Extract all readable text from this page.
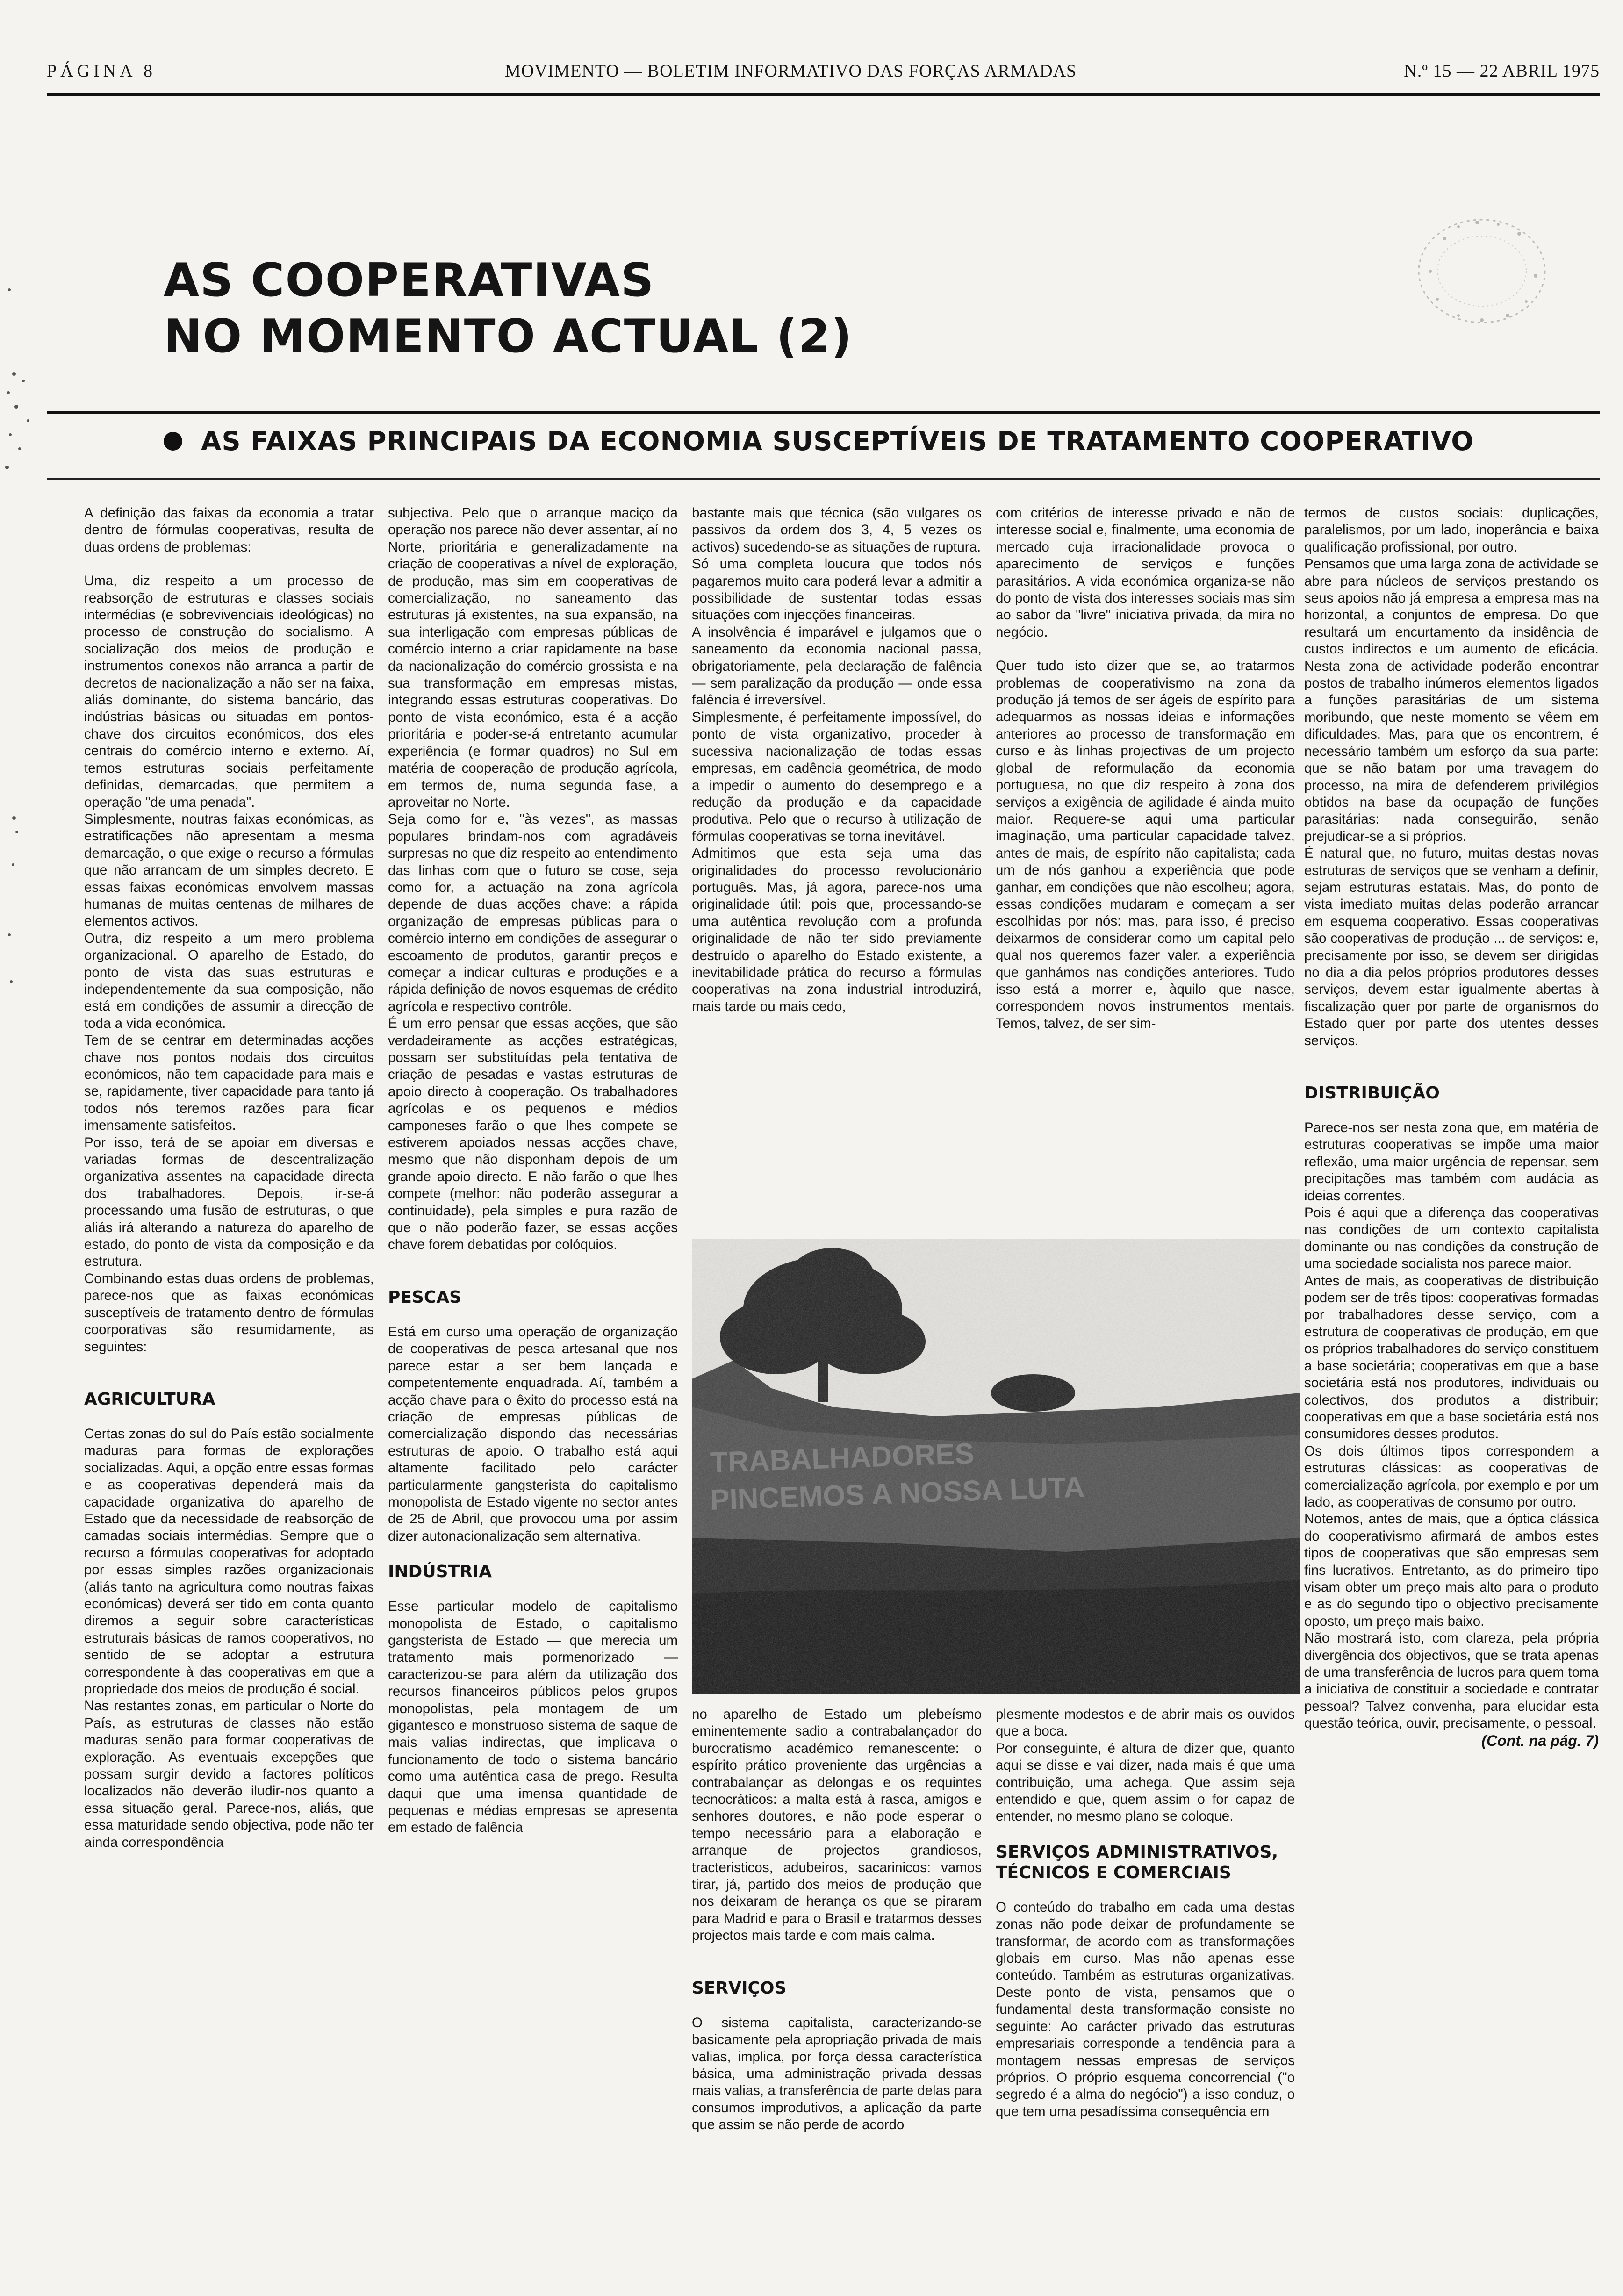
PÁGINA 8	MOVIMENTO — BOLETIM INFORMATIVO DAS FORÇAS ARMADAS	N.º 15 — 22 ABRIL 1975
AS COOPERATIVAS
NO MOMENTO ACTUAL (2)
AS FAIXAS PRINCIPAIS DA ECONOMIA SUSCEPTÍVEIS DE TRATAMENTO COOPERATIVO

A definição das faixas da economia a tratar dentro de fórmulas cooperativas, resulta de duas ordens de problemas:

Uma, diz respeito a um processo de reabsorção de estruturas e classes sociais intermédias (e sobrevivenciais ideológicas) no processo de construção do socialismo. A socialização dos meios de produção e instrumentos conexos não arranca a partir de decretos de nacionalização a não ser na faixa, aliás dominante, do sistema bancário, das indústrias básicas ou situadas em pontos-chave dos circuitos económicos, dos eles centrais do comércio interno e externo. Aí, temos estruturas sociais perfeitamente definidas, demarcadas, que permitem a operação "de uma penada".

Simplesmente, noutras faixas económicas, as estratificações não apresentam a mesma demarcação, o que exige o recurso a fórmulas que não arrancam de um simples decreto. E essas faixas económicas envolvem massas humanas de muitas centenas de milhares de elementos activos.

Outra, diz respeito a um mero problema organizacional. O aparelho de Estado, do ponto de vista das suas estruturas e independentemente da sua composição, não está em condições de assumir a direcção de toda a vida económica.

Tem de se centrar em determinadas acções chave nos pontos nodais dos circuitos económicos, não tem capacidade para mais e se, rapidamente, tiver capacidade para tanto já todos nós teremos razões para ficar imensamente satisfeitos.

Por isso, terá de se apoiar em diversas e variadas formas de descentralização organizativa assentes na capacidade directa dos trabalhadores. Depois, ir-se-á processando uma fusão de estruturas, o que aliás irá alterando a natureza do aparelho de estado, do ponto de vista da composição e da estrutura.

Combinando estas duas ordens de problemas, parece-nos que as faixas económicas susceptíveis de tratamento dentro de fórmulas coorporativas são resumidamente, as seguintes:

AGRICULTURA

Certas zonas do sul do País estão socialmente maduras para formas de explorações socializadas. Aqui, a opção entre essas formas e as cooperativas dependerá mais da capacidade organizativa do aparelho de Estado que da necessidade de reabsorção de camadas sociais intermédias. Sempre que o recurso a fórmulas cooperativas for adoptado por essas simples razões organizacionais (aliás tanto na agricultura como noutras faixas económicas) deverá ser tido em conta quanto diremos a seguir sobre características estruturais básicas de ramos cooperativos, no sentido de se adoptar a estrutura correspondente à das cooperativas em que a propriedade dos meios de produção é social.

Nas restantes zonas, em particular o Norte do País, as estruturas de classes não estão maduras senão para formar cooperativas de exploração. As eventuais excepções que possam surgir devido a factores políticos localizados não deverão iludir-nos quanto a essa situação geral. Parece-nos, aliás, que essa maturidade sendo objectiva, pode não ter ainda correspondência

subjectiva. Pelo que o arranque maciço da operação nos parece não dever assentar, aí no Norte, prioritária e generalizadamente na criação de cooperativas a nível de exploração, de produção, mas sim em cooperativas de comercialização, no saneamento das estruturas já existentes, na sua expansão, na sua interligação com empresas públicas de comércio interno a criar rapidamente na base da nacionalização do comércio grossista e na sua transformação em empresas mistas, integrando essas estruturas cooperativas. Do ponto de vista económico, esta é a acção prioritária e poder-se-á entretanto acumular experiência (e formar quadros) no Sul em matéria de cooperação de produção agrícola, em termos de, numa segunda fase, a aproveitar no Norte.

Seja como for e, "às vezes", as massas populares brindam-nos com agradáveis surpresas no que diz respeito ao entendimento das linhas com que o futuro se cose, seja como for, a actuação na zona agrícola depende de duas acções chave: a rápida organização de empresas públicas para o comércio interno em condições de assegurar o escoamento de produtos, garantir preços e começar a indicar culturas e produções e a rápida definição de novos esquemas de crédito agrícola e respectivo contrôle.

É um erro pensar que essas acções, que são verdadeiramente as acções estratégicas, possam ser substituídas pela tentativa de criação de pesadas e vastas estruturas de apoio directo à cooperação. Os trabalhadores agrícolas e os pequenos e médios camponeses farão o que lhes compete se estiverem apoiados nessas acções chave, mesmo que não disponham depois de um grande apoio directo. E não farão o que lhes compete (melhor: não poderão assegurar a continuidade), pela simples e pura razão de que o não poderão fazer, se essas acções chave forem debatidas por colóquios.

PESCAS

Está em curso uma operação de organização de cooperativas de pesca artesanal que nos parece estar a ser bem lançada e competentemente enquadrada. Aí, também a acção chave para o êxito do processo está na criação de empresas públicas de comercialização dispondo das necessárias estruturas de apoio. O trabalho está aqui altamente facilitado pelo carácter particularmente gangsterista do capitalismo monopolista de Estado vigente no sector antes de 25 de Abril, que provocou uma por assim dizer autonacionalização sem alternativa.

INDÚSTRIA

Esse particular modelo de capitalismo monopolista de Estado, o capitalismo gangsterista de Estado — que merecia um tratamento mais pormenorizado — caracterizou-se para além da utilização dos recursos financeiros públicos pelos grupos monopolistas, pela montagem de um gigantesco e monstruoso sistema de saque de mais valias indirectas, que implicava o funcionamento de todo o sistema bancário como uma autêntica casa de prego. Resulta daqui que uma imensa quantidade de pequenas e médias empresas se apresenta em estado de falência

bastante mais que técnica (são vulgares os passivos da ordem dos 3, 4, 5 vezes os activos) sucedendo-se as situações de ruptura.

Só uma completa loucura que todos nós pagaremos muito cara poderá levar a admitir a possibilidade de sustentar todas essas situações com injecções financeiras.

A insolvência é imparável e julgamos que o saneamento da economia nacional passa, obrigatoriamente, pela declaração de falência — sem paralização da produção — onde essa falência é irreversível.

Simplesmente, é perfeitamente impossível, do ponto de vista organizativo, proceder à sucessiva nacionalização de todas essas empresas, em cadência geométrica, de modo a impedir o aumento do desemprego e a redução da produção e da capacidade produtiva. Pelo que o recurso à utilização de fórmulas cooperativas se torna inevitável.

Admitimos que esta seja uma das originalidades do processo revolucionário português. Mas, já agora, parece-nos uma originalidade útil: pois que, processando-se uma autêntica revolução com a profunda originalidade de não ter sido previamente destruído o aparelho do Estado existente, a inevitabilidade prática do recurso a fórmulas cooperativas na zona industrial introduzirá, mais tarde ou mais cedo,

com critérios de interesse privado e não de interesse social e, finalmente, uma economia de mercado cuja irracionalidade provoca o aparecimento de serviços e funções parasitários. A vida económica organiza-se não do ponto de vista dos interesses sociais mas sim ao sabor da "livre" iniciativa privada, da mira no negócio.

Quer tudo isto dizer que se, ao tratarmos problemas de cooperativismo na zona da produção já temos de ser ágeis de espírito para adequarmos as nossas ideias e informações anteriores ao processo de transformação em curso e às linhas projectivas de um projecto global de reformulação da economia portuguesa, no que diz respeito à zona dos serviços a exigência de agilidade é ainda muito maior. Requere-se aqui uma particular imaginação, uma particular capacidade talvez, antes de mais, de espírito não capitalista; cada um de nós ganhou a experiência que pode ganhar, em condições que não escolheu; agora, essas condições mudaram e começam a ser escolhidas por nós: mas, para isso, é preciso deixarmos de considerar como um capital pelo qual nos queremos fazer valer, a experiência que ganhámos nas condições anteriores. Tudo isso está a morrer e, àquilo que nasce, correspondem novos instrumentos mentais. Temos, talvez, de ser sim-

TRABALHADORES
PINCEMOS A NOSSA LUTA

no aparelho de Estado um plebeísmo eminentemente sadio a contrabalançador do burocratismo académico remanescente: o espírito prático proveniente das urgências a contrabalançar as delongas e os requintes tecnocráticos: a malta está à rasca, amigos e senhores doutores, e não pode esperar o tempo necessário para a elaboração e arranque de projectos grandiosos, tracteristicos, adubeiros, sacarinicos: vamos tirar, já, partido dos meios de produção que nos deixaram de herança os que se piraram para Madrid e para o Brasil e tratarmos desses projectos mais tarde e com mais calma.

SERVIÇOS

O sistema capitalista, caracterizando-se basicamente pela apropriação privada de mais valias, implica, por força dessa característica básica, uma administração privada dessas mais valias, a transferência de parte delas para consumos improdutivos, a aplicação da parte que assim se não perde de acordo

plesmente modestos e de abrir mais os ouvidos que a boca.

Por conseguinte, é altura de dizer que, quanto aqui se disse e vai dizer, nada mais é que uma contribuição, uma achega. Que assim seja entendido e que, quem assim o for capaz de entender, no mesmo plano se coloque.

SERVIÇOS ADMINISTRATIVOS, TÉCNICOS E COMERCIAIS

O conteúdo do trabalho em cada uma destas zonas não pode deixar de profundamente se transformar, de acordo com as transformações globais em curso. Mas não apenas esse conteúdo. Também as estruturas organizativas. Deste ponto de vista, pensamos que o fundamental desta transformação consiste no seguinte: Ao carácter privado das estruturas empresariais corresponde a tendência para a montagem nessas empresas de serviços próprios. O próprio esquema concorrencial ("o segredo é a alma do negócio") a isso conduz, o que tem uma pesadíssima consequência em

termos de custos sociais: duplicações, paralelismos, por um lado, inoperância e baixa qualificação profissional, por outro.

Pensamos que uma larga zona de actividade se abre para núcleos de serviços prestando os seus apoios não já empresa a empresa mas na horizontal, a conjuntos de empresa. Do que resultará um encurtamento da insidência de custos indirectos e um aumento de eficácia. Nesta zona de actividade poderão encontrar postos de trabalho inúmeros elementos ligados a funções parasitárias de um sistema moribundo, que neste momento se vêem em dificuldades. Mas, para que os encontrem, é necessário também um esforço da sua parte: que se não batam por uma travagem do processo, na mira de defenderem privilégios obtidos na base da ocupação de funções parasitárias: nada conseguirão, senão prejudicar-se a si próprios.

É natural que, no futuro, muitas destas novas estruturas de serviços que se venham a definir, sejam estruturas estatais. Mas, do ponto de vista imediato muitas delas poderão arrancar em esquema cooperativo. Essas cooperativas são cooperativas de produção ... de serviços: e, precisamente por isso, se devem ser dirigidas no dia a dia pelos próprios produtores desses serviços, devem estar igualmente abertas à fiscalização quer por parte de organismos do Estado quer por parte dos utentes desses serviços.

DISTRIBUIÇÃO

Parece-nos ser nesta zona que, em matéria de estruturas cooperativas se impõe uma maior reflexão, uma maior urgência de repensar, sem precipitações mas também com audácia as ideias correntes.

Pois é aqui que a diferença das cooperativas nas condições de um contexto capitalista dominante ou nas condições da construção de uma sociedade socialista nos parece maior.

Antes de mais, as cooperativas de distribuição podem ser de três tipos: cooperativas formadas por trabalhadores desse serviço, com a estrutura de cooperativas de produção, em que os próprios trabalhadores do serviço constituem a base societária; cooperativas em que a base societária está nos produtores, individuais ou colectivos, dos produtos a distribuir; cooperativas em que a base societária está nos consumidores desses produtos.

Os dois últimos tipos correspondem a estruturas clássicas: as cooperativas de comercialização agrícola, por exemplo e por um lado, as cooperativas de consumo por outro.

Notemos, antes de mais, que a óptica clássica do cooperativismo afirmará de ambos estes tipos de cooperativas que são empresas sem fins lucrativos. Entretanto, as do primeiro tipo visam obter um preço mais alto para o produto e as do segundo tipo o objectivo precisamente oposto, um preço mais baixo.

Não mostrará isto, com clareza, pela própria divergência dos objectivos, que se trata apenas de uma transferência de lucros para quem toma a iniciativa de constituir a sociedade e contratar pessoal? Talvez convenha, para elucidar esta questão teórica, ouvir, precisamente, o pessoal.

(Cont. na pág. 7)
